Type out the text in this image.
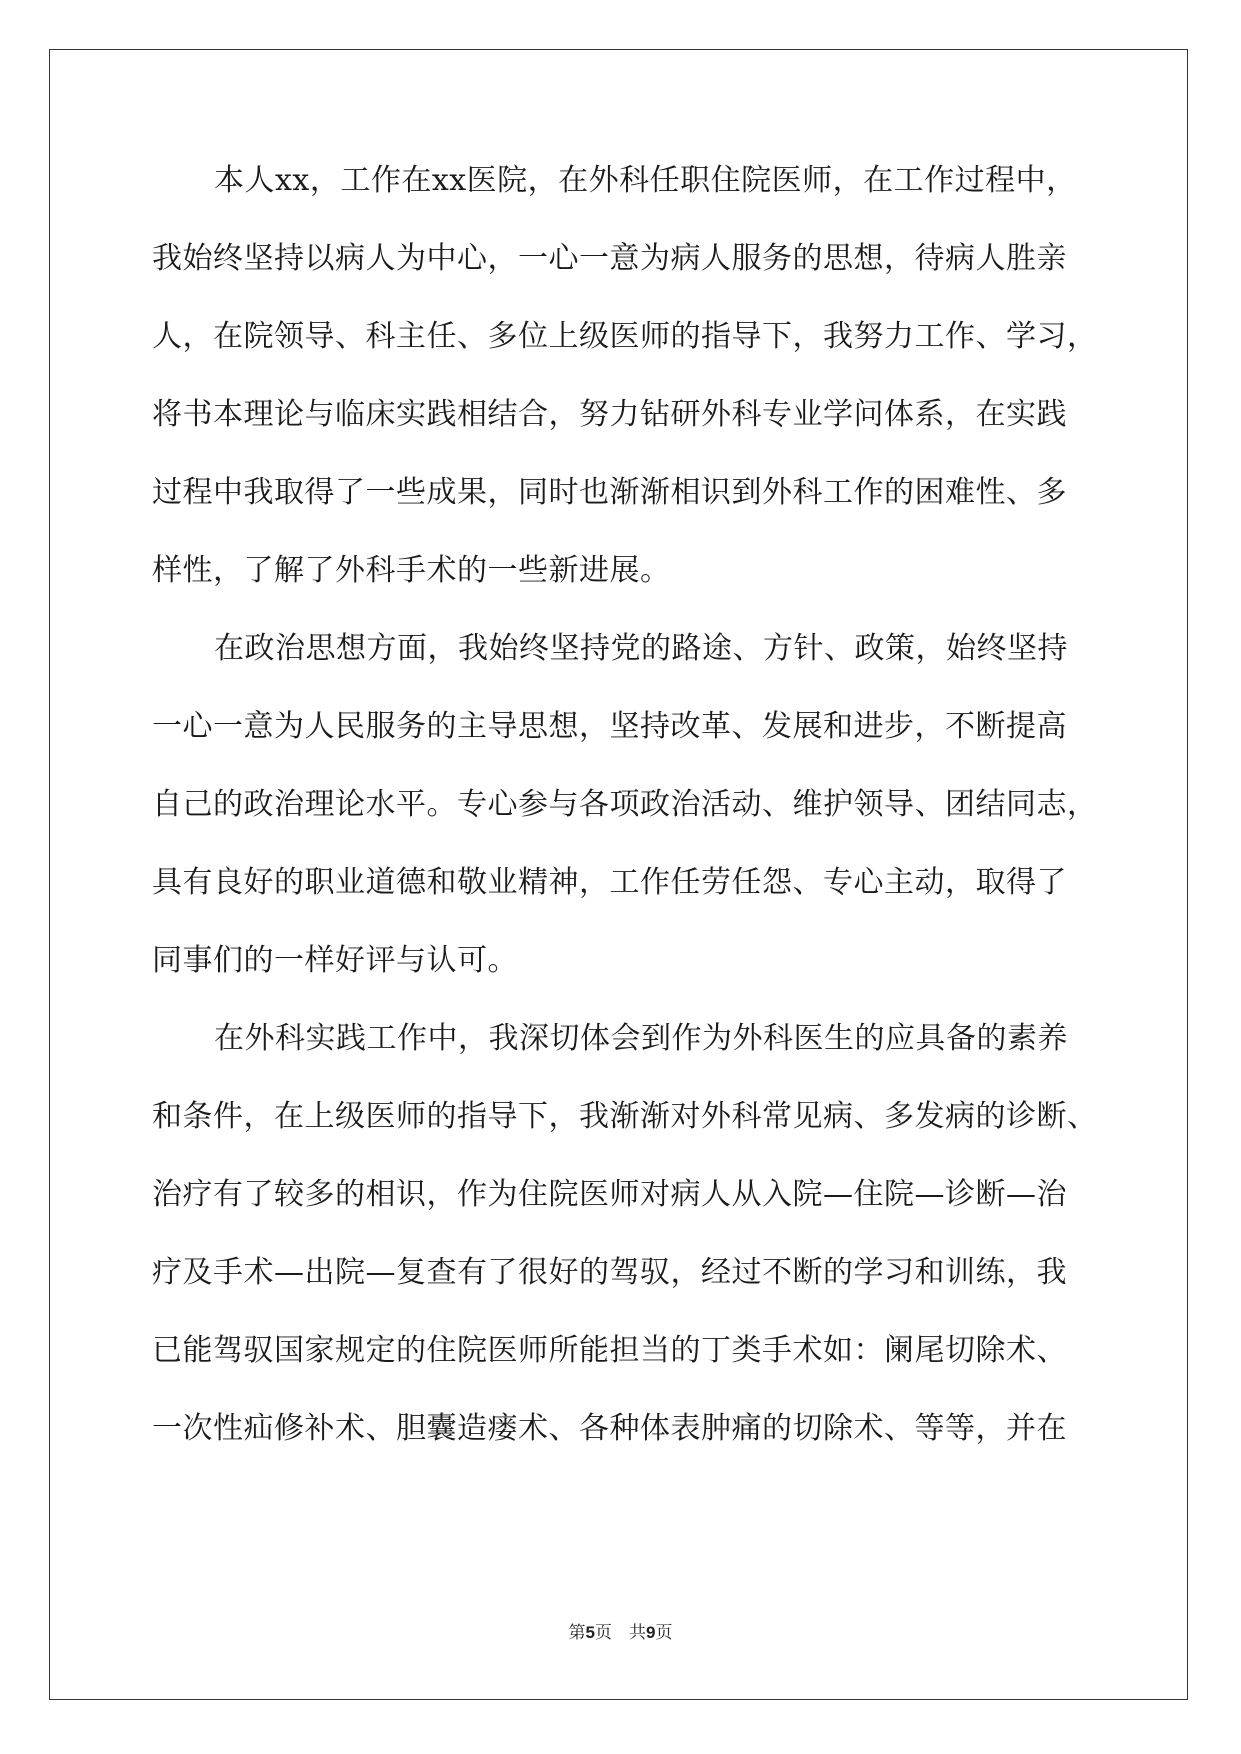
本人xx，工作在xx医院，在外科任职住院医师，在工作过程中，
我始终坚持以病人为中心，一心一意为病人服务的思想，待病人胜亲
人，在院领导、科主任、多位上级医师的指导下，我努力工作、学习，
将书本理论与临床实践相结合，努力钻研外科专业学问体系，在实践
过程中我取得了一些成果，同时也渐渐相识到外科工作的困难性、多
样性，了解了外科手术的一些新进展。
在政治思想方面，我始终坚持党的路途、方针、政策，始终坚持
一心一意为人民服务的主导思想，坚持改革、发展和进步，不断提高
自己的政治理论水平。专心参与各项政治活动、维护领导、团结同志，
具有良好的职业道德和敬业精神，工作任劳任怨、专心主动，取得了
同事们的一样好评与认可。
在外科实践工作中，我深切体会到作为外科医生的应具备的素养
和条件，在上级医师的指导下，我渐渐对外科常见病、多发病的诊断、
治疗有了较多的相识，作为住院医师对病人从入院—住院—诊断—治
疗及手术—出院—复查有了很好的驾驭，经过不断的学习和训练，我
已能驾驭国家规定的住院医师所能担当的丁类手术如：阑尾切除术、
一次性疝修补术、胆囊造瘘术、各种体表肿痛的切除术、等等，并在
第5页　共9页
